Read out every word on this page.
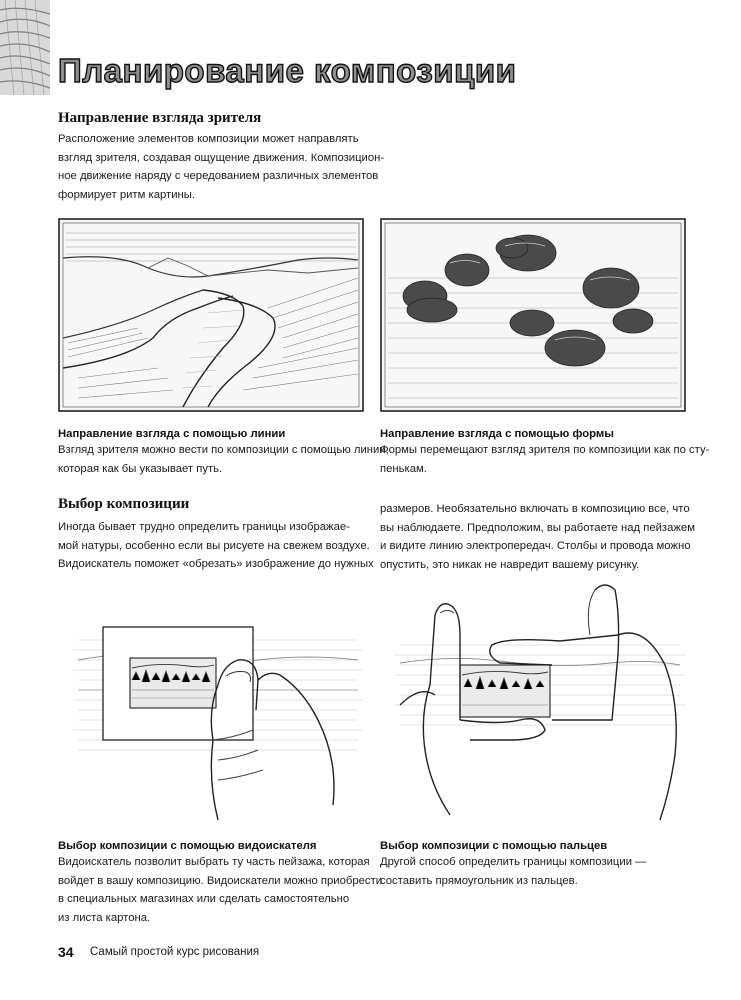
Планирование композиции
Направление взгляда зрителя
Расположение элементов композиции может направлять
взгляд зрителя, создавая ощущение движения. Композицион-
ное движение наряду с чередованием различных элементов
формирует ритм картины.
Направление взгляда с помощью линии
Взгляд зрителя можно вести по композиции с помощью линии,
которая как бы указывает путь.
Направление взгляда с помощью формы
Формы перемещают взгляд зрителя по композиции как по сту-
пенькам.
Выбор композиции
Иногда бывает трудно определить границы изображае-
мой натуры, особенно если вы рисуете на свежем воздухе.
Видоискатель поможет «обрезать» изображение до нужных
размеров. Необязательно включать в композицию все, что
вы наблюдаете. Предположим, вы работаете над пейзажем
и видите линию электропередач. Столбы и провода можно
опустить, это никак не навредит вашему рисунку.
Выбор композиции с помощью видоискателя
Видоискатель позволит выбрать ту часть пейзажа, которая
войдет в вашу композицию. Видоискатели можно приобрести
в специальных магазинах или сделать самостоятельно
из листа картона.
Выбор композиции с помощью пальцев
Другой способ определить границы композиции —
составить прямоугольник из пальцев.
34 Самый простой курс рисования
